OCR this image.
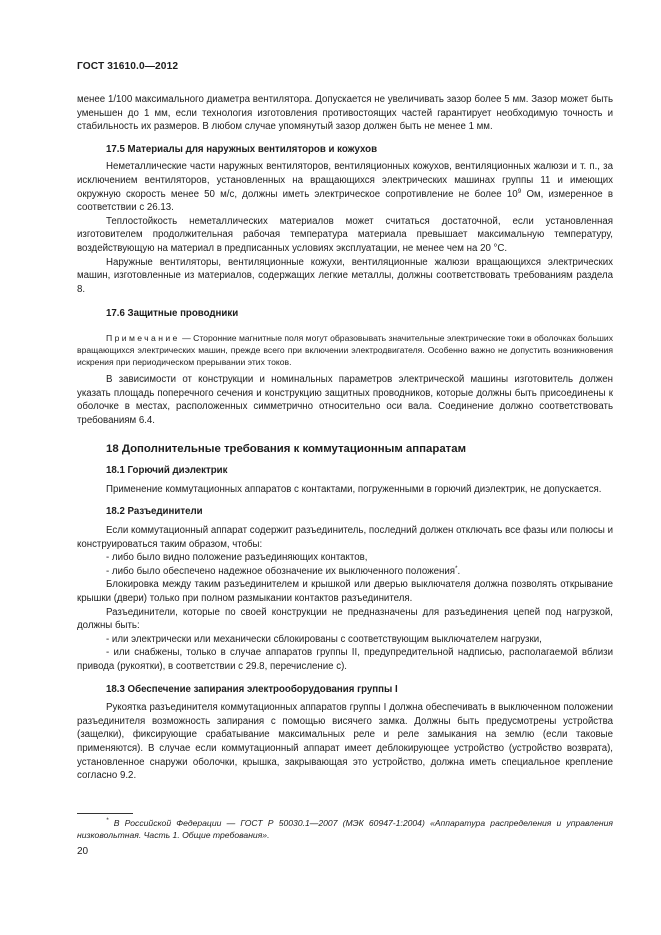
ГОСТ 31610.0—2012

менее 1/100 максимального диаметра вентилятора. Допускается не увеличивать зазор более 5 мм. Зазор может быть уменьшен до 1 мм, если технология изготовления противостоящих частей гарантирует необходимую точность и стабильность их размеров. В любом случае упомянутый зазор должен быть не менее 1 мм.

17.5 Материалы для наружных вентиляторов и кожухов

Неметаллические части наружных вентиляторов, вентиляционных кожухов, вентиляционных жалюзи и т. п., за исключением вентиляторов, установленных на вращающихся электрических машинах группы 11 и имеющих окружную скорость менее 50 м/с, должны иметь электрическое сопротивление не более $10^9$ Ом, измеренное в соответствии с 26.13.

Теплостойкость неметаллических материалов может считаться достаточной, если установленная изготовителем продолжительная рабочая температура материала превышает максимальную температуру, воздействующую на материал в предписанных условиях эксплуатации, не менее чем на 20 °С.

Наружные вентиляторы, вентиляционные кожухи, вентиляционные жалюзи вращающихся электрических машин, изготовленные из материалов, содержащих легкие металлы, должны соответствовать требованиям раздела 8.

17.6 Защитные проводники

Примечание — Сторонние магнитные поля могут образовывать значительные электрические токи в оболочках больших вращающихся электрических машин, прежде всего при включении электродвигателя. Особенно важно не допустить возникновения искрения при периодическом прерывании этих токов.

В зависимости от конструкции и номинальных параметров электрической машины изготовитель должен указать площадь поперечного сечения и конструкцию защитных проводников, которые должны быть присоединены к оболочке в местах, расположенных симметрично относительно оси вала. Соединение должно соответствовать требованиям 6.4.

18 Дополнительные требования к коммутационным аппаратам

18.1 Горючий диэлектрик

Применение коммутационных аппаратов с контактами, погруженными в горючий диэлектрик, не допускается.

18.2 Разъединители

Если коммутационный аппарат содержит разъединитель, последний должен отключать все фазы или полюсы и конструироваться таким образом, чтобы:

- либо было видно положение разъединяющих контактов,

- либо было обеспечено надежное обозначение их выключенного положения*.

Блокировка между таким разъединителем и крышкой или дверью выключателя должна позволять открывание крышки (двери) только при полном размыкании контактов разъединителя.

Разъединители, которые по своей конструкции не предназначены для разъединения цепей под нагрузкой, должны быть:

- или электрически или механически сблокированы с соответствующим выключателем нагрузки,

- или снабжены, только в случае аппаратов группы II, предупредительной надписью, располагаемой вблизи привода (рукоятки), в соответствии с 29.8, перечисление c).

18.3 Обеспечение запирания электрооборудования группы I

Рукоятка разъединителя коммутационных аппаратов группы I должна обеспечивать в выключенном положении разъединителя возможность запирания с помощью висячего замка. Должны быть предусмотрены устройства (защелки), фиксирующие срабатывание максимальных реле и реле замыкания на землю (если таковые применяются). В случае если коммутационный аппарат имеет деблокирующее устройство (устройство возврата), установленное снаружи оболочки, крышка, закрывающая это устройство, должна иметь специальное крепление согласно 9.2.

* В Российской Федерации — ГОСТ Р 50030.1—2007 (МЭК 60947-1:2004) «Аппаратура распределения и управления низковольтная. Часть 1. Общие требования».
20
